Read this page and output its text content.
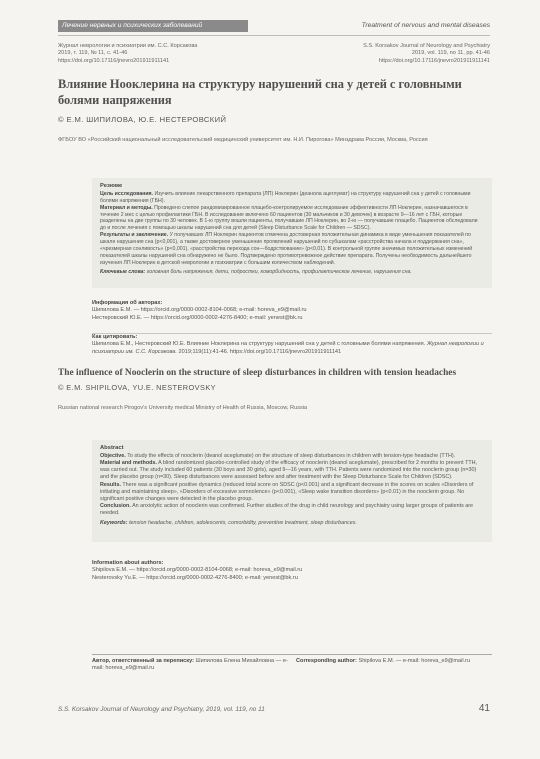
Лечение нервных и психических заболеваний	Treatment of nervous and mental diseases
Журнал неврологии и психиатрии им. С.С. Корсакова
2019, т. 119, № 11, с. 41-46
https://doi.org/10.17116/jnevro201911911141
S.S. Korsakov Journal of Neurology and Psychiatry
2019, vol. 119, no 11, pp. 41-46
https://doi.org/10.17116/jnevro201911911141
Влияние Нооклерина на структуру нарушений сна у детей с головными болями напряжения
© Е.М. ШИПИЛОВА, Ю.Е. НЕСТЕРОВСКИЙ
ФГБОУ ВО «Российский национальный исследовательский медицинский университет им. Н.И. Пирогова» Минздрава России, Москва, Россия
Резюме

Цель исследования. Изучить влияние лекарственного препарата (ЛП) Ноклерин (деанола ацеглумат) на структуру нарушений сна у детей с головными болями напряжения (ГБН).

Материал и методы. Проведено слепое рандомизированное плацебо-контролируемое исследование эффективности ЛП Ноклерин, назначавшегося в течение 2 мес с целью профилактики ГБН. В исследование включено 60 пациентов (30 мальчиков и 30 девочек) в возрасте 9—16 лет с ГБН, которые разделены на две группы по 30 человек. В 1-ю группу вошли пациенты, получавшие ЛП Ноклерин, во 2-ю — получавшие плацебо. Пациентов обследовали до и после лечения с помощью шкалы нарушений сна для детей (Sleep Disturbance Scale for Children — SDSC).

Результаты и заключение. У получавших ЛП Ноклерин пациентов отмечена достоверная положительная динамика в виде уменьшения показателей по шкале нарушения сна (p<0,001), а также достоверное уменьшение проявлений нарушений по субшкалам «расстройства начала и поддержания сна», «чрезмерная сонливость» (p<0,001), «расстройства перехода сон—бодрствование» (p<0,01). В контрольной группе значимых положительных изменений показателей шкалы нарушений сна обнаружено не было. Подтверждено противотревожное действие препарата. Получены необходимость дальнейшего изучения ЛП Ноклерин в детской неврологии и психиатрии с большим количеством наблюдений.

Ключевые слова: головная боль напряжения, дети, подростки, коморбидность, профилактическое лечение, нарушения сна.

Информация об авторах:
Шипилова Е.М. — https://orcid.org/0000-0002-8104-0068; e-mail: horeva_e9@mail.ru
Нестеровский Ю.Е. — https://orcid.org/0000-0002-4276-8400; e-mail: yenest@bk.ru
Как цитировать:
Шипилова Е.М., Нестеровский Ю.Е. Влияние Ноклерина на структуру нарушений сна у детей с головными болями напряжения. Журнал неврологии и психиатрии им. С.С. Корсакова. 2019;119(11):41-46. https://doi.org/10.17116/jnevro201911911141
The influence of Nooclerin on the structure of sleep disturbances in children with tension headaches
© E.M. SHIPILOVA, YU.E. NESTEROVSKY
Russian national research Pirogov's University medical Ministry of Health of Russia, Moscow, Russia
Abstract

Objective. To study the effects of nooclerin (deanol aceglumate) on the structure of sleep disturbances in children with tension-type headache (TTH).

Material and methods. A blind randomized placebo-controlled study of the efficacy of nooclerin (deanol aceglumate), prescribed for 2 months to prevent TTH, was carried out. The study included 60 patients (30 boys and 30 girls), aged 9—16 years, with TTH. Patients were randomized into the nooclerin group (n=30) and the placebo group (n=30). Sleep disturbances were assessed before and after treatment with the Sleep Disturbance Scale for Children (SDSC).

Results. There was a significant positive dynamics (reduced total score on SDSC (p<0.001) and a significant decrease in the scores on scales «Disorders of initiating and maintaining sleep», «Disorders of excessive somnolence» (p<0.001), «Sleep wake transition disorders» (p<0.01) in the nooclerin group. No significant positive changes were detected in the placebo group.

Conclusion. An anxiolytic action of nooclerin was confirmed. Further studies of the drug in child neurology and psychiatry using larger groups of patients are needed.

Keywords: tension headache, children, adolescents, comorbidity, preventive treatment, sleep disturbances.

Information about authors:
Shipilova E.M. — https://orcid.org/0000-0002-8104-0068; e-mail: horeva_e9@mail.ru
Nesterovsky Yu.E. — https://orcid.org/0000-0002-4276-8400; e-mail: yenest@bk.ru
Автор, ответственный за переписку: Шипилова Елена Михайловна — e-mail: horeva_e9@mail.ru
Corresponding author: Shipilova E.M. — e-mail: horeva_e9@mail.ru
S.S. Korsakov Journal of Neurology and Psychiatry, 2019, vol. 119, no 11	41
